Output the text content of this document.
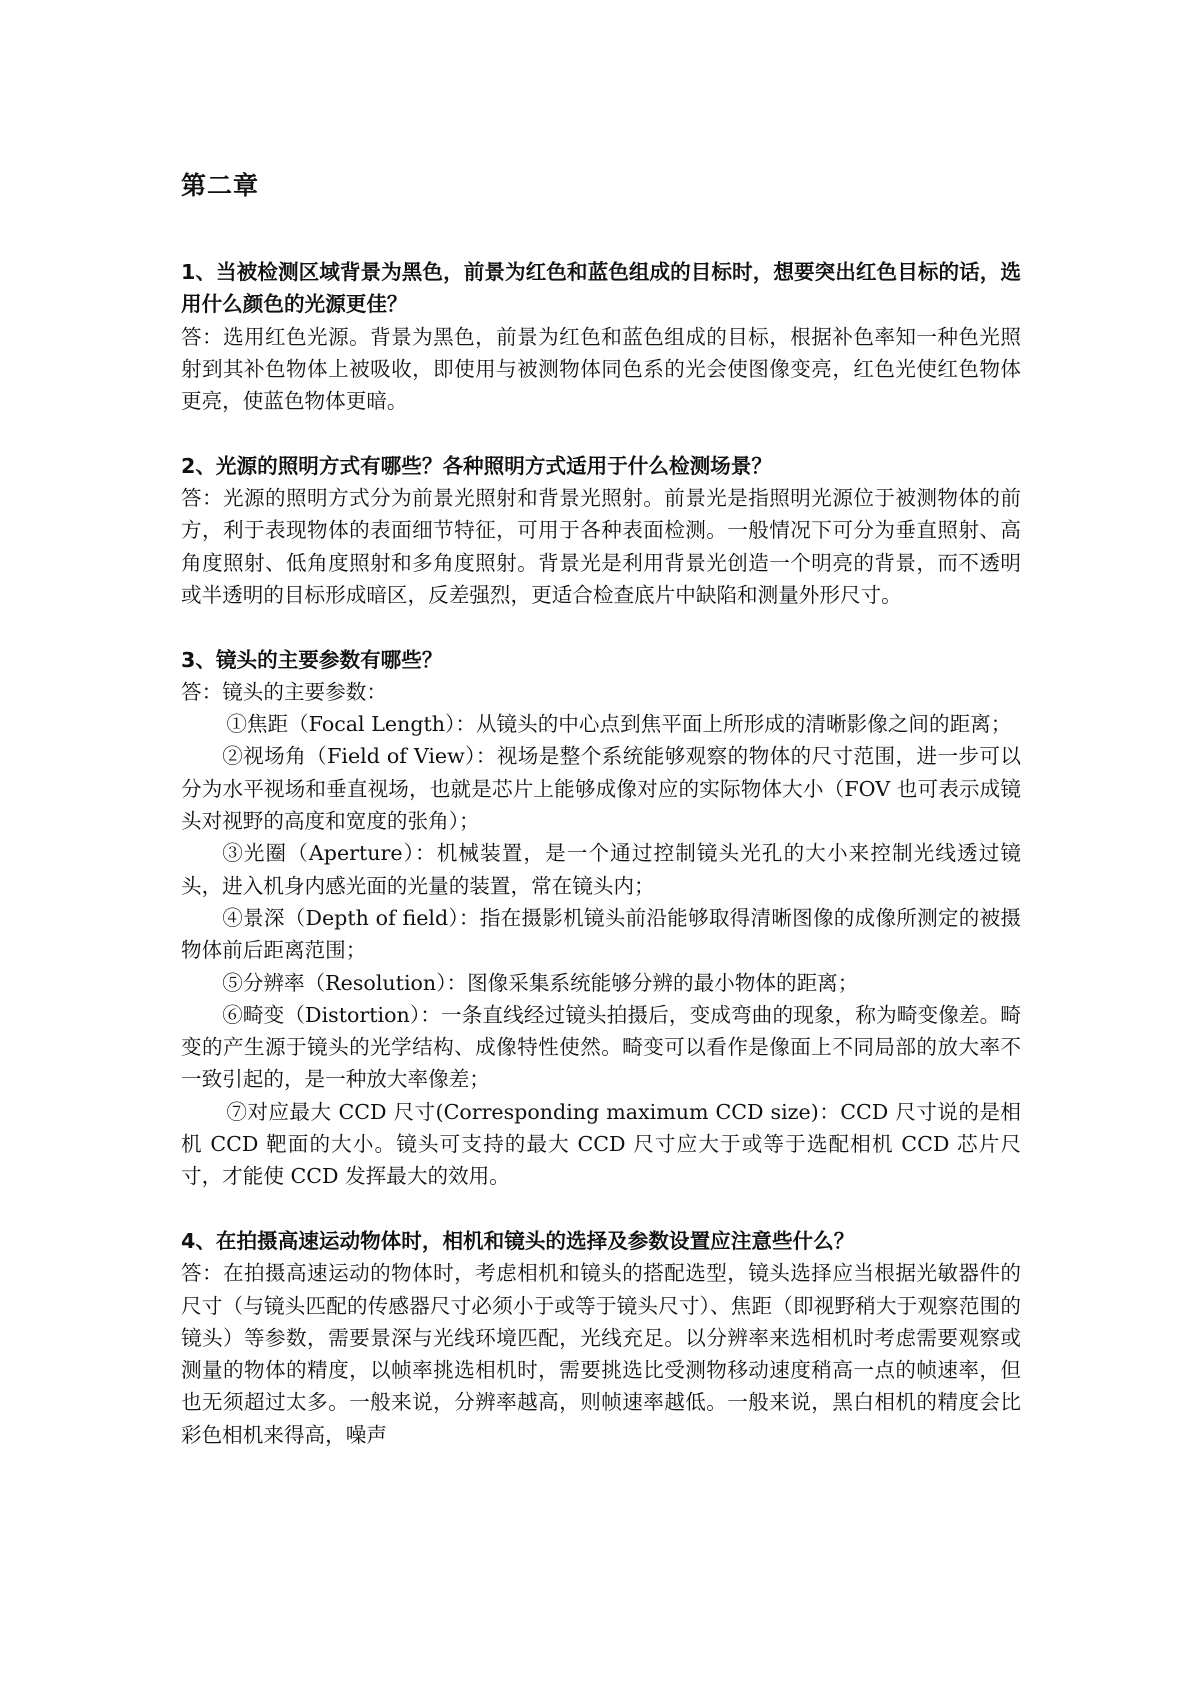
第二章

1、当被检测区域背景为黑色，前景为红色和蓝色组成的目标时，想要突出红色目标的话，选用什么颜色的光源更佳？

答：选用红色光源。背景为黑色，前景为红色和蓝色组成的目标，根据补色率知一种色光照射到其补色物体上被吸收，即使用与被测物体同色系的光会使图像变亮，红色光使红色物体更亮，使蓝色物体更暗。

2、光源的照明方式有哪些？各种照明方式适用于什么检测场景？

答：光源的照明方式分为前景光照射和背景光照射。前景光是指照明光源位于被测物体的前方，利于表现物体的表面细节特征，可用于各种表面检测。一般情况下可分为垂直照射、高角度照射、低角度照射和多角度照射。背景光是利用背景光创造一个明亮的背景，而不透明或半透明的目标形成暗区，反差强烈，更适合检查底片中缺陷和测量外形尺寸。

3、镜头的主要参数有哪些？

答：镜头的主要参数：

①焦距（Focal Length）：从镜头的中心点到焦平面上所形成的清晰影像之间的距离；

②视场角（Field of View）：视场是整个系统能够观察的物体的尺寸范围，进一步可以分为水平视场和垂直视场，也就是芯片上能够成像对应的实际物体大小（FOV 也可表示成镜头对视野的高度和宽度的张角）；

③光圈（Aperture）：机械装置，是一个通过控制镜头光孔的大小来控制光线透过镜头，进入机身内感光面的光量的装置，常在镜头内；

④景深（Depth of field）：指在摄影机镜头前沿能够取得清晰图像的成像所测定的被摄物体前后距离范围；

⑤分辨率（Resolution）：图像采集系统能够分辨的最小物体的距离；

⑥畸变（Distortion）：一条直线经过镜头拍摄后，变成弯曲的现象，称为畸变像差。畸变的产生源于镜头的光学结构、成像特性使然。畸变可以看作是像面上不同局部的放大率不一致引起的，是一种放大率像差；

⑦对应最大 CCD 尺寸(Corresponding maximum CCD size)：CCD 尺寸说的是相机 CCD 靶面的大小。镜头可支持的最大 CCD 尺寸应大于或等于选配相机 CCD 芯片尺寸，才能使 CCD 发挥最大的效用。

4、在拍摄高速运动物体时，相机和镜头的选择及参数设置应注意些什么？

答：在拍摄高速运动的物体时，考虑相机和镜头的搭配选型，镜头选择应当根据光敏器件的尺寸（与镜头匹配的传感器尺寸必须小于或等于镜头尺寸）、焦距（即视野稍大于观察范围的镜头）等参数，需要景深与光线环境匹配，光线充足。以分辨率来选相机时考虑需要观察或测量的物体的精度，以帧率挑选相机时，需要挑选比受测物移动速度稍高一点的帧速率，但也无须超过太多。一般来说，分辨率越高，则帧速率越低。一般来说，黑白相机的精度会比彩色相机来得高，噪声
